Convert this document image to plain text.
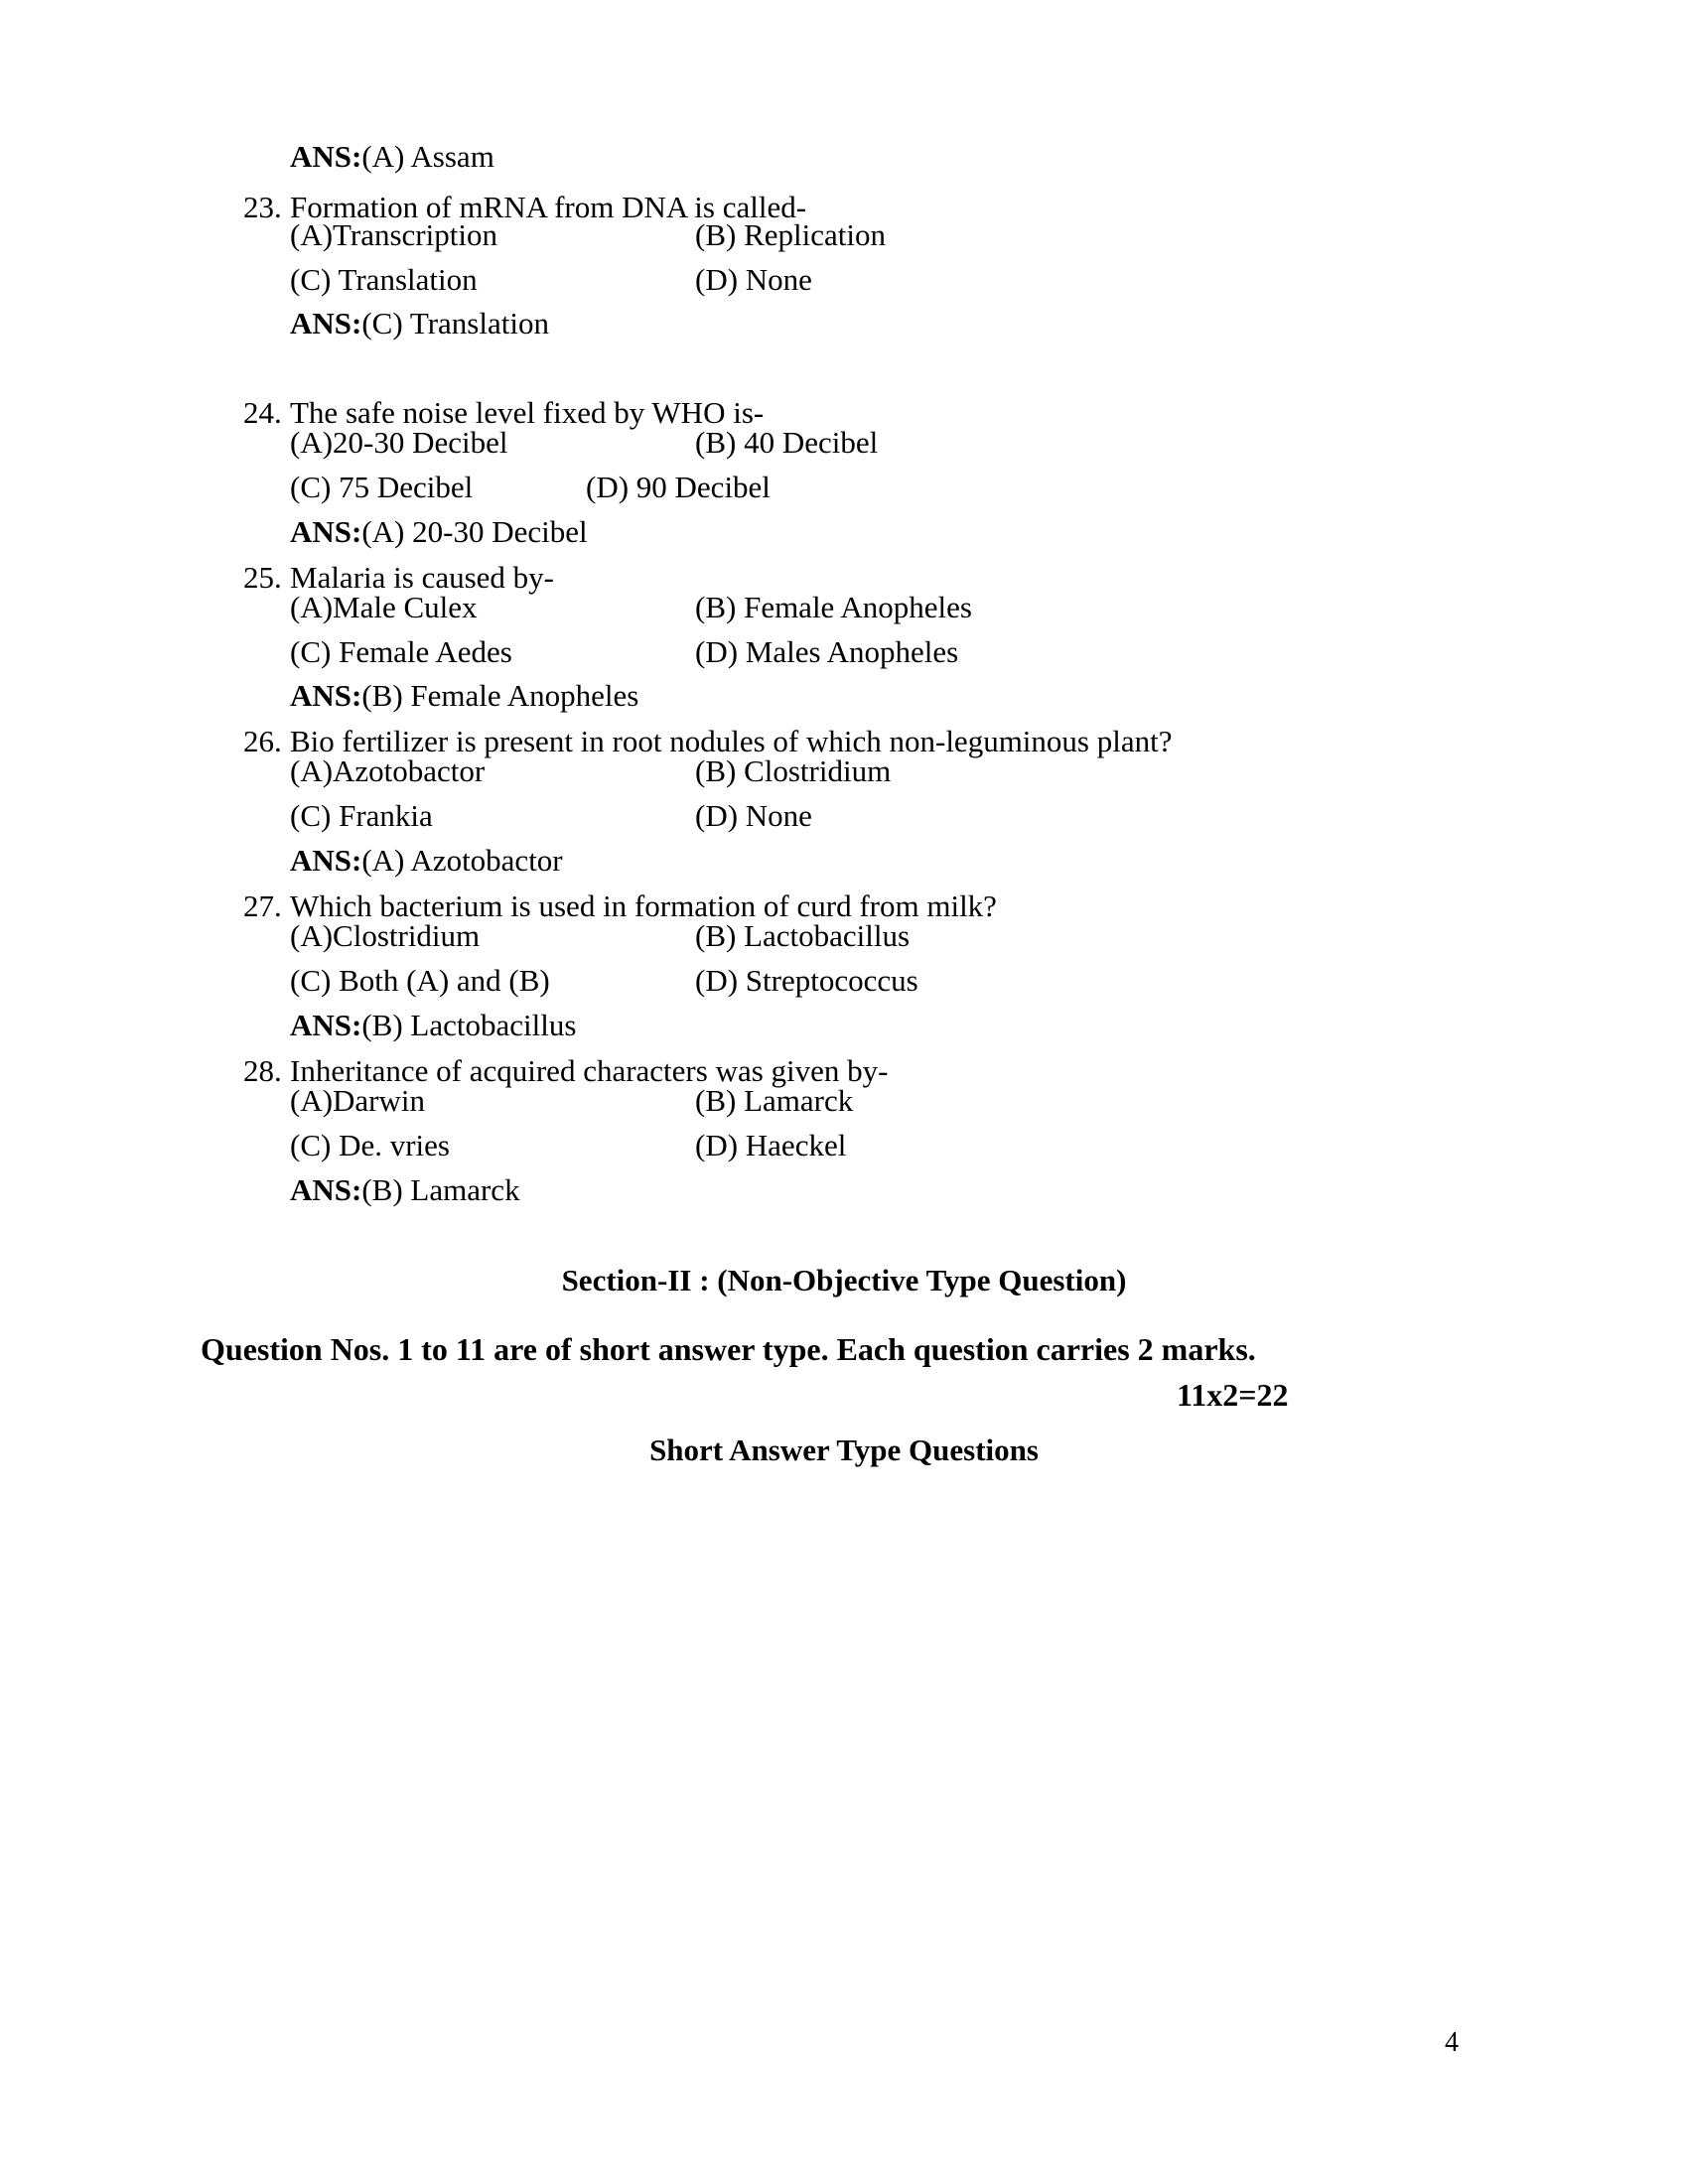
ANS:(A) Assam
23. Formation of mRNA from DNA is called-
(A)Transcription	(B) Replication
(C) Translation	(D) None
ANS:(C) Translation
24. The safe noise level fixed by WHO is-
(A)20-30 Decibel	(B) 40 Decibel
(C) 75 Decibel	(D) 90 Decibel
ANS:(A) 20-30 Decibel
25. Malaria is caused by-
(A)Male Culex	(B) Female Anopheles
(C) Female Aedes	(D) Males Anopheles
ANS:(B) Female Anopheles
26. Bio fertilizer is present in root nodules of which non-leguminous plant?
(A)Azotobactor	(B) Clostridium
(C) Frankia	(D) None
ANS:(A) Azotobactor
27. Which bacterium is used in formation of curd from milk?
(A)Clostridium	(B) Lactobacillus
(C) Both (A) and (B)	(D) Streptococcus
ANS:(B) Lactobacillus
28. Inheritance of acquired characters was given by-
(A)Darwin	(B) Lamarck
(C) De. vries	(D) Haeckel
ANS:(B) Lamarck
Section-II : (Non-Objective Type Question)
Question Nos. 1 to 11 are of short answer type. Each question carries 2 marks.
11x2=22
Short Answer Type Questions
4
